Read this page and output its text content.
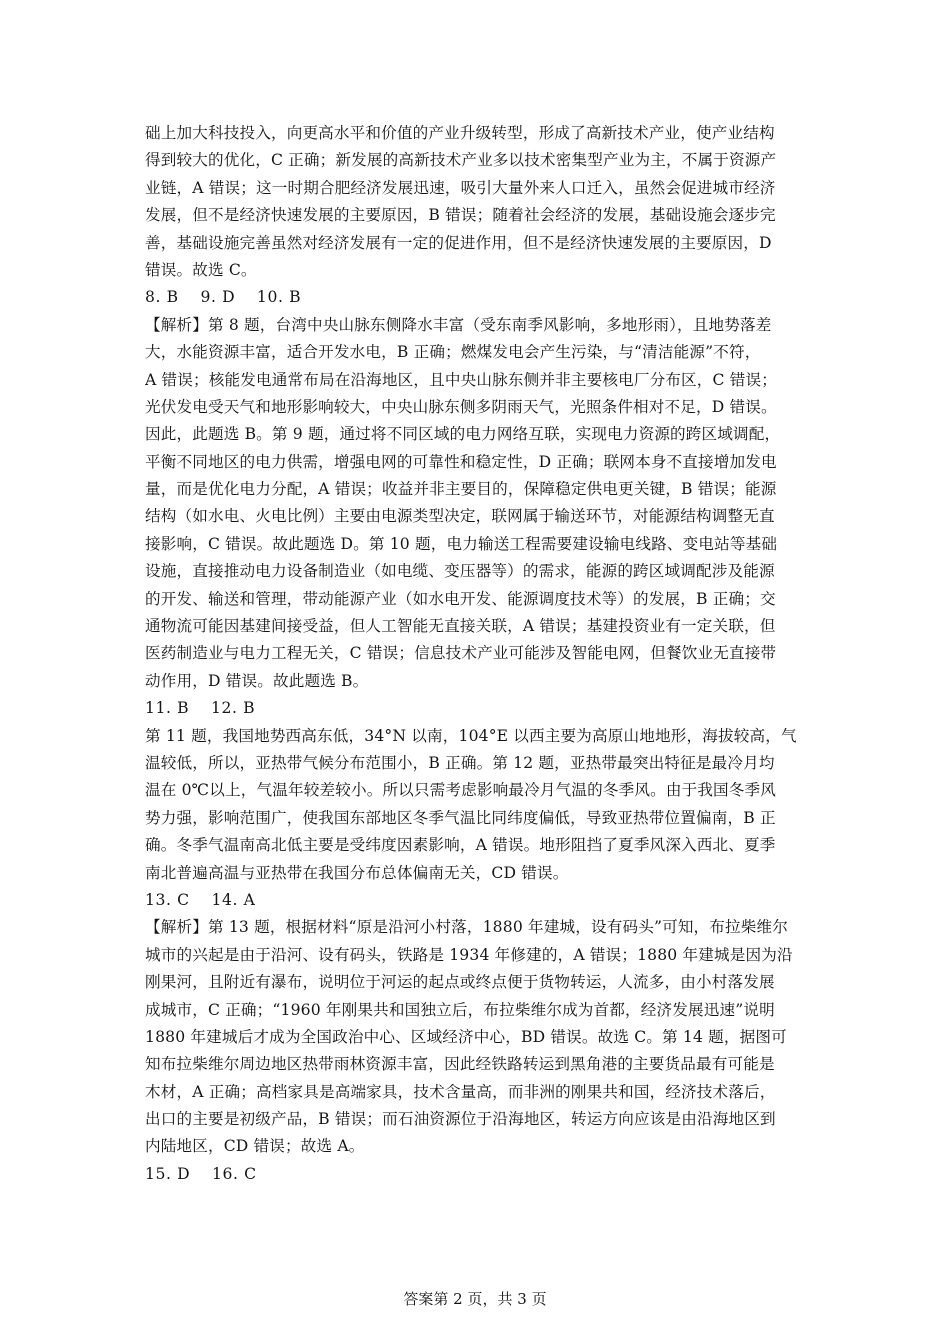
础上加大科技投入，向更高水平和价值的产业升级转型，形成了高新技术产业，使产业结构
得到较大的优化，C 正确；新发展的高新技术产业多以技术密集型产业为主，不属于资源产
业链，A 错误；这一时期合肥经济发展迅速，吸引大量外来人口迁入，虽然会促进城市经济
发展，但不是经济快速发展的主要原因，B 错误；随着社会经济的发展，基础设施会逐步完
善，基础设施完善虽然对经济发展有一定的促进作用，但不是经济快速发展的主要原因，D
错误。故选 C。
8. B　 9. D　 10. B
【解析】第 8 题，台湾中央山脉东侧降水丰富（受东南季风影响，多地形雨），且地势落差
大，水能资源丰富，适合开发水电，B 正确；燃煤发电会产生污染，与“清洁能源”不符，
A 错误；核能发电通常布局在沿海地区，且中央山脉东侧并非主要核电厂分布区，C 错误；
光伏发电受天气和地形影响较大，中央山脉东侧多阴雨天气，光照条件相对不足，D 错误。
因此，此题选 B。第 9 题，通过将不同区域的电力网络互联，实现电力资源的跨区域调配，
平衡不同地区的电力供需，增强电网的可靠性和稳定性，D 正确；联网本身不直接增加发电
量，而是优化电力分配，A 错误；收益并非主要目的，保障稳定供电更关键，B 错误；能源
结构（如水电、火电比例）主要由电源类型决定，联网属于输送环节，对能源结构调整无直
接影响，C 错误。故此题选 D。第 10 题，电力输送工程需要建设输电线路、变电站等基础
设施，直接推动电力设备制造业（如电缆、变压器等）的需求，能源的跨区域调配涉及能源
的开发、输送和管理，带动能源产业（如水电开发、能源调度技术等）的发展，B 正确；交
通物流可能因基建间接受益，但人工智能无直接关联，A 错误；基建投资业有一定关联，但
医药制造业与电力工程无关，C 错误；信息技术产业可能涉及智能电网，但餐饮业无直接带
动作用，D 错误。故此题选 B。
11. B　 12. B
第 11 题，我国地势西高东低，34°N 以南，104°E 以西主要为高原山地地形，海拔较高，气
温较低，所以，亚热带气候分布范围小，B 正确。第 12 题，亚热带最突出特征是最冷月均
温在 0℃以上，气温年较差较小。所以只需考虑影响最冷月气温的冬季风。由于我国冬季风
势力强，影响范围广，使我国东部地区冬季气温比同纬度偏低，导致亚热带位置偏南，B 正
确。冬季气温南高北低主要是受纬度因素影响，A 错误。地形阻挡了夏季风深入西北、夏季
南北普遍高温与亚热带在我国分布总体偏南无关，CD 错误。
13. C　 14. A
【解析】第 13 题，根据材料“原是沿河小村落，1880 年建城，设有码头”可知，布拉柴维尔
城市的兴起是由于沿河、设有码头，铁路是 1934 年修建的，A 错误；1880 年建城是因为沿
刚果河，且附近有瀑布，说明位于河运的起点或终点便于货物转运，人流多，由小村落发展
成城市，C 正确；“1960 年刚果共和国独立后，布拉柴维尔成为首都，经济发展迅速”说明
1880 年建城后才成为全国政治中心、区域经济中心，BD 错误。故选 C。第 14 题，据图可
知布拉柴维尔周边地区热带雨林资源丰富，因此经铁路转运到黑角港的主要货品最有可能是
木材，A 正确；高档家具是高端家具，技术含量高，而非洲的刚果共和国，经济技术落后，
出口的主要是初级产品，B 错误；而石油资源位于沿海地区，转运方向应该是由沿海地区到
内陆地区，CD 错误；故选 A。
15. D　 16. C
答案第 2 页，共 3 页
